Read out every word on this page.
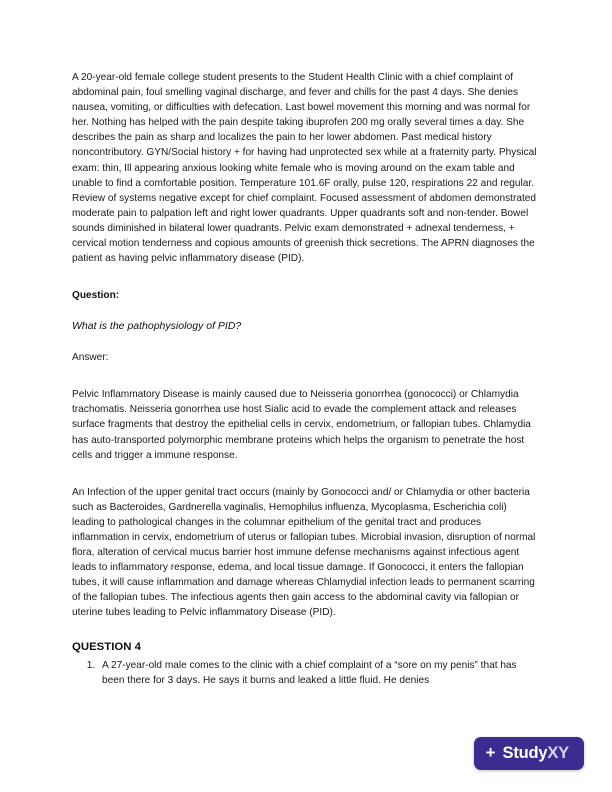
A 20-year-old female college student presents to the Student Health Clinic with a chief complaint of abdominal pain, foul smelling vaginal discharge, and fever and chills for the past 4 days. She denies nausea, vomiting, or difficulties with defecation. Last bowel movement this morning and was normal for her. Nothing has helped with the pain despite taking ibuprofen 200 mg orally several times a day. She describes the pain as sharp and localizes the pain to her lower abdomen. Past medical history noncontributory. GYN/Social history + for having had unprotected sex while at a fraternity party. Physical exam: thin, Ill appearing anxious looking white female who is moving around on the exam table and unable to find a comfortable position. Temperature 101.6F orally, pulse 120, respirations 22 and regular. Review of systems negative except for chief complaint. Focused assessment of abdomen demonstrated moderate pain to palpation left and right lower quadrants. Upper quadrants soft and non-tender. Bowel sounds diminished in bilateral lower quadrants. Pelvic exam demonstrated + adnexal tenderness, + cervical motion tenderness and copious amounts of greenish thick secretions. The APRN diagnoses the patient as having pelvic inflammatory disease (PID).

Question:
What is the pathophysiology of PID?
Answer:

Pelvic Inflammatory Disease is mainly caused due to Neisseria gonorrhea (gonococci) or Chlamydia trachomatis. Neisseria gonorrhea use host Sialic acid to evade the complement attack and releases surface fragments that destroy the epithelial cells in cervix, endometrium, or fallopian tubes. Chlamydia has auto-transported polymorphic membrane proteins which helps the organism to penetrate the host cells and trigger a immune response.

An Infection of the upper genital tract occurs (mainly by Gonococci and/ or Chlamydia or other bacteria such as Bacteroides, Gardnerella vaginalis, Hemophilus influenza, Mycoplasma, Escherichia coli) leading to pathological changes in the columnar epithelium of the genital tract and produces inflammation in cervix, endometrium of uterus or fallopian tubes. Microbial invasion, disruption of normal flora, alteration of cervical mucus barrier host immune defense mechanisms against infectious agent leads to inflammatory response, edema, and local tissue damage. If Gonococci, it enters the fallopian tubes, it will cause inflammation and damage whereas Chlamydial infection leads to permanent scarring of the fallopian tubes. The infectious agents then gain access to the abdominal cavity via fallopian or uterine tubes leading to Pelvic inflammatory Disease (PID).

QUESTION 4
1. A 27-year-old male comes to the clinic with a chief complaint of a “sore on my penis” that has been there for 3 days. He says it burns and leaked a little fluid. He denies
+ Study XY
